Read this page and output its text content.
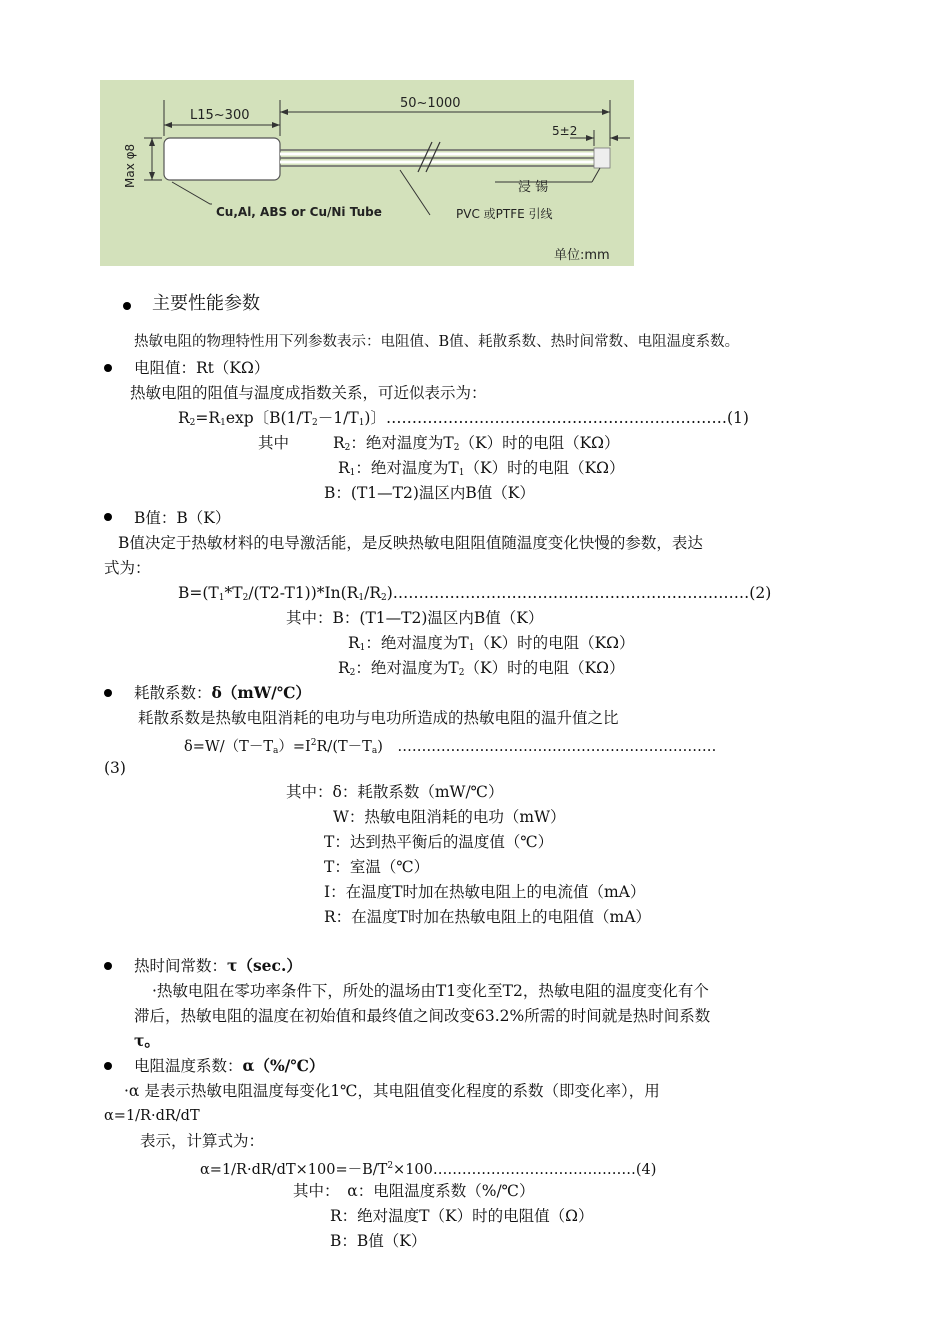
L15~300
50~1000
5±2
Max φ8	浸 锡
Cu,Al, ABS or Cu/Ni Tube	PVC 或PTFE 引线
单位:mm
主要性能参数
热敏电阻的物理特性用下列参数表示：电阻值、B值、耗散系数、热时间常数、电阻温度系数。
电阻值：Rt（KΩ）
热敏电阻的阻值与温度成指数关系，可近似表示为：
$R_2=R_1\exp$〔$B(1/T_2-1/T_1)$〕…………………………………………………………(1)
其中	$R_2$：绝对温度为$T_2(K)$时的电阻（KΩ）
$R_1$：绝对温度为$T_1(K)$时的电阻（KΩ）
B：(T1—T2)温区内B值（K）
B值：B（K）
B值决定于热敏材料的电导激活能，是反映热敏电阻阻值随温度变化快慢的参数，表达
式为：
$B=(T_1*T_2/(T2-T1))*In(R_1/R_2)\dots\dots\dots\dots\dots\dots\dots\dots\dots\dots\dots\dots\dots\dots\dots\dots\dots\dots\dots\dots\dots\dots\dots(2)$
其中：B：(T1—T2)温区内B值（K）
$R_1$：绝对温度为$T_1(K)$时的电阻（KΩ）
$R_2$：绝对温度为$T_2(K)$时的电阻（KΩ）
耗散系数：δ（mW/℃）
耗散系数是热敏电阻消耗的电功与电功所造成的热敏电阻的温升值之比
$\delta=W/(T-T_a)=I^2R/(T-T_a)$　…………………………………………………………
(3)
其中：δ：耗散系数（mW/℃）
W：热敏电阻消耗的电功（mW）
T：达到热平衡后的温度值（℃）
T：室温（℃）
I：在温度T时加在热敏电阻上的电流值（mA）
R：在温度T时加在热敏电阻上的电阻值（mA）
热时间常数：τ（sec.）
·热敏电阻在零功率条件下，所处的温场由T1变化至T2，热敏电阻的温度变化有个
滞后，热敏电阻的温度在初始值和最终值之间改变63.2%所需的时间就是热时间系数
τ。
电阻温度系数：α（%/℃）
·α 是表示热敏电阻温度每变化1℃，其电阻值变化程度的系数（即变化率），用
α=1/R·dR/dT
表示，计算式为：
$\alpha=1/R\cdot dR/dT\times 100=-B/T^2\times 100\dots\dots\dots\dots\dots\dots\dots\dots\dots\dots\dots\dots\dots\dots(4)$
其中：　α：电阻温度系数（%/℃）
R：绝对温度T（K）时的电阻值（Ω）
B：B值（K）
